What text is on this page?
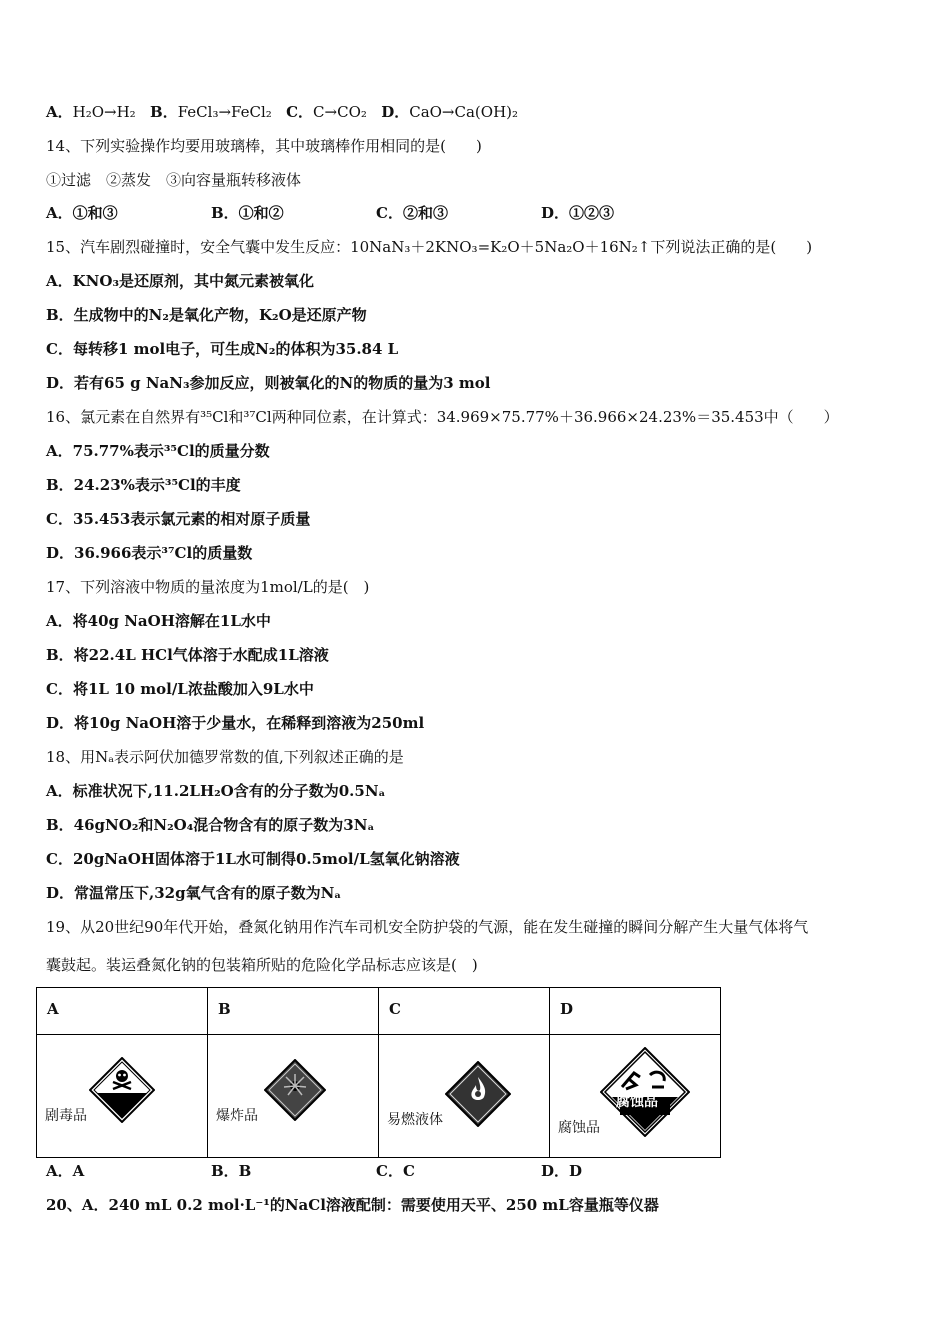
A．H₂O→H₂ B．FeCl₃→FeCl₂ C．C→CO₂ D．CaO→Ca(OH)₂
14、下列实验操作均要用玻璃棒，其中玻璃棒作用相同的是(　　)
①过滤　②蒸发　③向容量瓶转移液体
A．①和③	B．①和②	C．②和③	D．①②③
15、汽车剧烈碰撞时，安全气囊中发生反应：10NaN₃＋2KNO₃=K₂O＋5Na₂O＋16N₂↑下列说法正确的是(　　)
A．KNO₃是还原剂，其中氮元素被氧化
B．生成物中的N₂是氧化产物，K₂O是还原产物
C．每转移1 mol电子，可生成N₂的体积为35.84 L
D．若有65 g NaN₃参加反应，则被氧化的N的物质的量为3 mol
16、氯元素在自然界有³⁵Cl和³⁷Cl两种同位素，在计算式：34.969×75.77%＋36.966×24.23%＝35.453中（　　）
A．75.77%表示³⁵Cl的质量分数
B．24.23%表示³⁵Cl的丰度
C．35.453表示氯元素的相对原子质量
D．36.966表示³⁷Cl的质量数
17、下列溶液中物质的量浓度为1mol/L的是(　)
A．将40g NaOH溶解在1L水中
B．将22.4L HCl气体溶于水配成1L溶液
C．将1L 10 mol/L浓盐酸加入9L水中
D．将10g NaOH溶于少量水，在稀释到溶液为250ml
18、用Nₐ表示阿伏加德罗常数的值,下列叙述正确的是
A．标准状况下,11.2LH₂O含有的分子数为0.5Nₐ
B．46gNO₂和N₂O₄混合物含有的原子数为3Nₐ
C．20gNaOH固体溶于1L水可制得0.5mol/L氢氧化钠溶液
D．常温常压下,32g氧气含有的原子数为Nₐ
19、从20世纪90年代开始，叠氮化钠用作汽车司机安全防护袋的气源，能在发生碰撞的瞬间分解产生大量气体将气
囊鼓起。装运叠氮化钠的包装箱所贴的危险化学品标志应该是(　)
A	B	C	D

剧毒品	爆炸品	易燃液体	腐蚀品
腐蚀品
A．A	B．B	C．C	D．D
20、A．240 mL 0.2 mol·L⁻¹的NaCl溶液配制：需要使用天平、250 mL容量瓶等仪器
